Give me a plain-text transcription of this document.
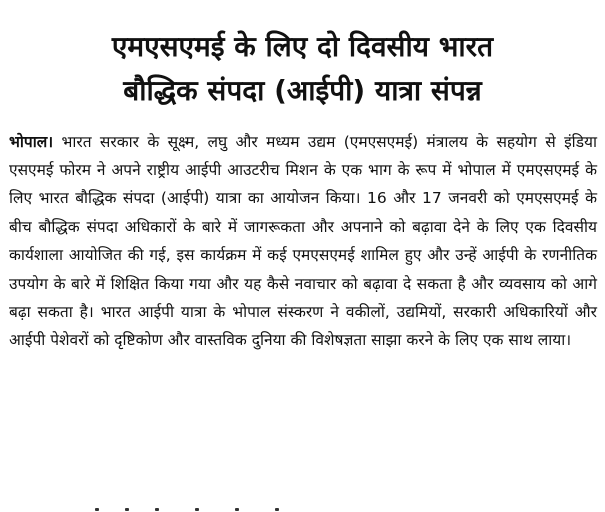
एमएसएमई के लिए दो दिवसीय भारत
बौद्धिक संपदा (आईपी) यात्रा संपन्न

भोपाल। भारत सरकार के सूक्ष्म, लघु और मध्यम उद्यम (एमएसएमई) मंत्रालय के सहयोग से इंडिया एसएमई फोरम ने अपने राष्ट्रीय आईपी आउटरीच मिशन के एक भाग के रूप में भोपाल में एमएसएमई के लिए भारत बौद्धिक संपदा (आईपी) यात्रा का आयोजन किया। 16 और 17 जनवरी को एमएसएमई के बीच बौद्धिक संपदा अधिकारों के बारे में जागरूकता और अपनाने को बढ़ावा देने के लिए एक दिवसीय कार्यशाला आयोजित की गई, इस कार्यक्रम में कई एमएसएमई शामिल हुए और उन्हें आईपी के रणनीतिक उपयोग के बारे में शिक्षित किया गया और यह कैसे नवाचार को बढ़ावा दे सकता है और व्यवसाय को आगे बढ़ा सकता है। भारत आईपी यात्रा के भोपाल संस्करण ने वकीलों, उद्यमियों, सरकारी अधिकारियों और आईपी पेशेवरों को दृष्टिकोण और वास्तविक दुनिया की विशेषज्ञता साझा करने के लिए एक साथ लाया।
